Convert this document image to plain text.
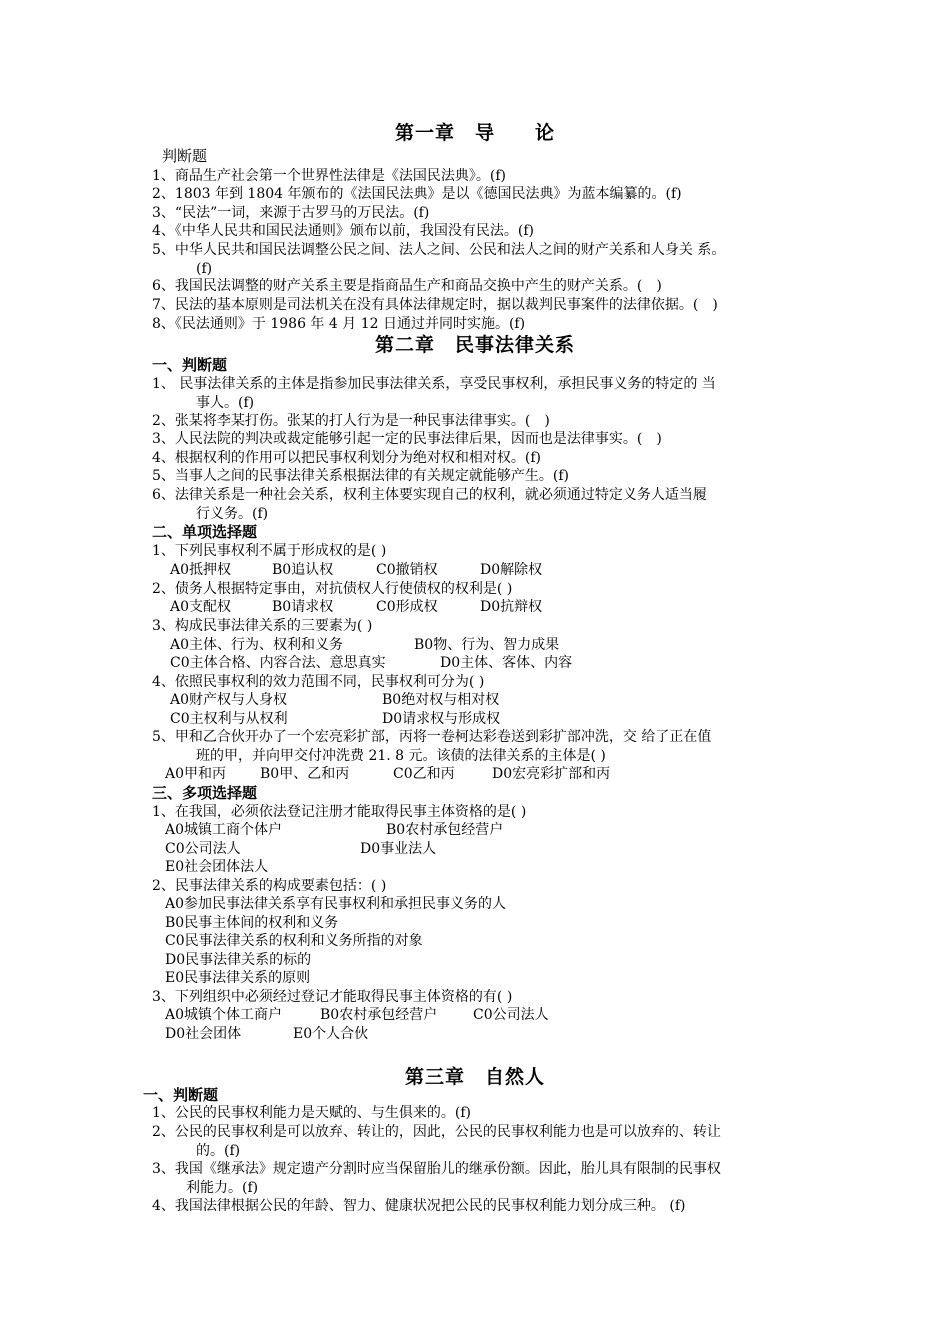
第一章　导　　论
判断题
1、商品生产社会第一个世界性法律是《法国民法典》。(f)
2、1803 年到 1804 年颁布的《法国民法典》是以《德国民法典》为蓝本编纂的。(f)
3、“民法”一词，来源于古罗马的万民法。(f)
4、《中华人民共和国民法通则》颁布以前，我国没有民法。(f)
5、中华人民共和国民法调整公民之间、法人之间、公民和法人之间的财产关系和人身关 系。
(f)
6、我国民法调整的财产关系主要是指商品生产和商品交换中产生的财产关系。(　)
7、民法的基本原则是司法机关在没有具体法律规定时，据以裁判民事案件的法律依据。(　)
8、《民法通则》于 1986 年 4 月 12 日通过并同时实施。(f)
第二章　民事法律关系
一、判断题
1、 民事法律关系的主体是指参加民事法律关系，享受民事权利，承担民事义务的特定的 当
事人。(f)
2、张某将李某打伤。张某的打人行为是一种民事法律事实。(　)
3、人民法院的判决或裁定能够引起一定的民事法律后果，因而也是法律事实。(　)
4、根据权利的作用可以把民事权利划分为绝对权和相对权。(f)
5、当事人之间的民事法律关系根据法律的有关规定就能够产生。(f)
6、法律关系是一种社会关系，权利主体要实现自己的权利，就必须通过特定义务人适当履
行义务。(f)
二、单项选择题
1、下列民事权利不属于形成权的是( )
A0抵押权	B0追认权	C0撤销权	D0解除权
2、债务人根据特定事由，对抗债权人行使债权的权利是( )
A0支配权	B0请求权	C0形成权	D0抗辩权
3、构成民事法律关系的三要素为( )
A0主体、行为、权利和义务	B0物、行为、智力成果
C0主体合格、内容合法、意思真实	D0主体、客体、内容
4、依照民事权利的效力范围不同，民事权利可分为( )
A0财产权与人身权	B0绝对权与相对权
C0主权利与从权利	D0请求权与形成权
5、甲和乙合伙开办了一个宏亮彩扩部，丙将一卷柯达彩卷送到彩扩部冲洗，交 给了正在值
班的甲，并向甲交付冲洗费 21. 8 元。该债的法律关系的主体是( )
A0甲和丙 B0甲、乙和丙	C0乙和丙	D0宏亮彩扩部和丙
三、多项选择题
1、在我国，必须依法登记注册才能取得民事主体资格的是( )
A0城镇工商个体户	B0农村承包经营户
C0公司法人	D0事业法人
E0社会团体法人
2、民事法律关系的构成要素包括：( )
A0参加民事法律关系享有民事权利和承担民事义务的人
B0民事主体间的权利和义务
C0民事法律关系的权利和义务所指的对象
D0民事法律关系的标的
E0民事法律关系的原则
3、下列组织中必须经过登记才能取得民事主体资格的有( )
A0城镇个体工商户	B0农村承包经营户	C0公司法人
D0社会团体	E0个人合伙
第三章　自然人
一、判断题
1、公民的民事权利能力是天赋的、与生俱来的。(f)
2、公民的民事权利是可以放弃、转让的，因此，公民的民事权利能力也是可以放弃的、转让
的。(f)
3、我国《继承法》规定遗产分割时应当保留胎儿的继承份额。因此，胎儿具有限制的民事权
利能力。(f)
4、我国法律根据公民的年龄、智力、健康状况把公民的民事权利能力划分成三种。 (f)
